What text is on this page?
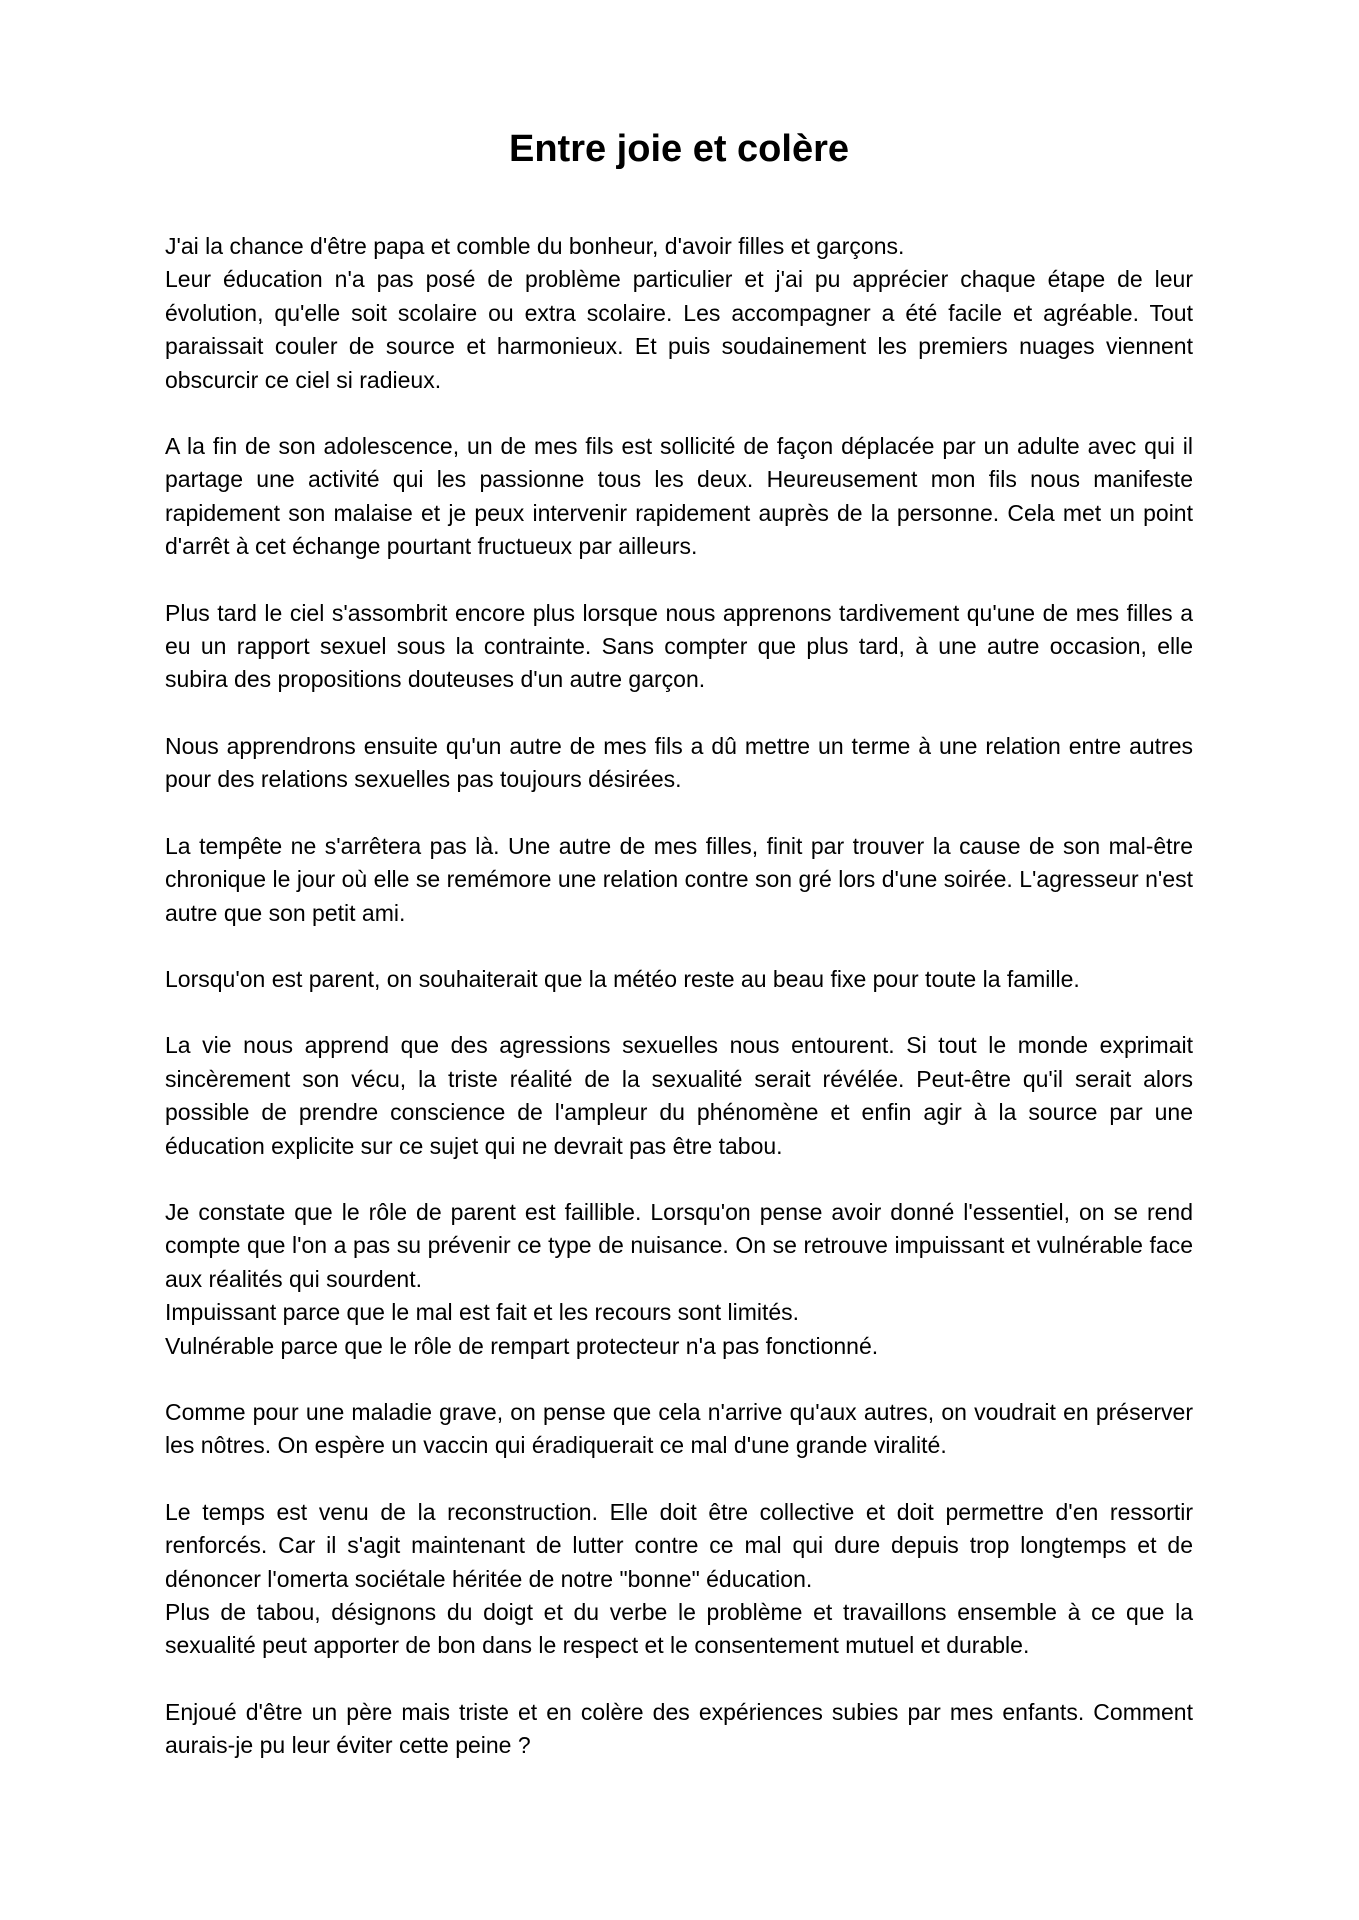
Entre joie et colère

J'ai la chance d'être papa et comble du bonheur, d'avoir filles et garçons.
Leur éducation n'a pas posé de problème particulier et j'ai pu apprécier chaque étape de leur évolution, qu'elle soit scolaire ou extra scolaire. Les accompagner a été facile et agréable. Tout paraissait couler de source et harmonieux. Et puis soudainement les premiers nuages viennent obscurcir ce ciel si radieux.

A la fin de son adolescence, un de mes fils est sollicité de façon déplacée par un adulte avec qui il partage une activité qui les passionne tous les deux. Heureusement mon fils nous manifeste rapidement son malaise et je peux intervenir rapidement auprès de la personne. Cela met un point d'arrêt à cet échange pourtant fructueux par ailleurs.

Plus tard le ciel s'assombrit encore plus lorsque nous apprenons tardivement qu'une de mes filles a eu un rapport sexuel sous la contrainte. Sans compter que plus tard, à une autre occasion, elle subira des propositions douteuses d'un autre garçon.

Nous apprendrons ensuite qu'un autre de mes fils a dû mettre un terme à une relation entre autres pour des relations sexuelles pas toujours désirées.

La tempête ne s'arrêtera pas là. Une autre de mes filles, finit par trouver la cause de son mal-être chronique le jour où elle se remémore une relation contre son gré lors d'une soirée. L'agresseur n'est autre que son petit ami.

Lorsqu'on est parent, on souhaiterait que la météo reste au beau fixe pour toute la famille.

La vie nous apprend que des agressions sexuelles nous entourent. Si tout le monde exprimait sincèrement son vécu, la triste réalité de la sexualité serait révélée. Peut-être qu'il serait alors possible de prendre conscience de l'ampleur du phénomène et enfin agir à la source par une éducation explicite sur ce sujet qui ne devrait pas être tabou.

Je constate que le rôle de parent est faillible. Lorsqu'on pense avoir donné l'essentiel, on se rend compte que l'on a pas su prévenir ce type de nuisance. On se retrouve impuissant et vulnérable face aux réalités qui sourdent.
Impuissant parce que le mal est fait et les recours sont limités.
Vulnérable parce que le rôle de rempart protecteur n'a pas fonctionné.

Comme pour une maladie grave, on pense que cela n'arrive qu'aux autres, on voudrait en préserver les nôtres. On espère un vaccin qui éradiquerait ce mal d'une grande viralité.

Le temps est venu de la reconstruction. Elle doit être collective et doit permettre d'en ressortir renforcés. Car il s'agit maintenant de lutter contre ce mal qui dure depuis trop longtemps et de dénoncer l'omerta sociétale héritée de notre "bonne" éducation.
Plus de tabou, désignons du doigt et du verbe le problème et travaillons ensemble à ce que la sexualité peut apporter de bon dans le respect et le consentement mutuel et durable.

Enjoué d'être un père mais triste et en colère des expériences subies par mes enfants. Comment aurais-je pu leur éviter cette peine ?
